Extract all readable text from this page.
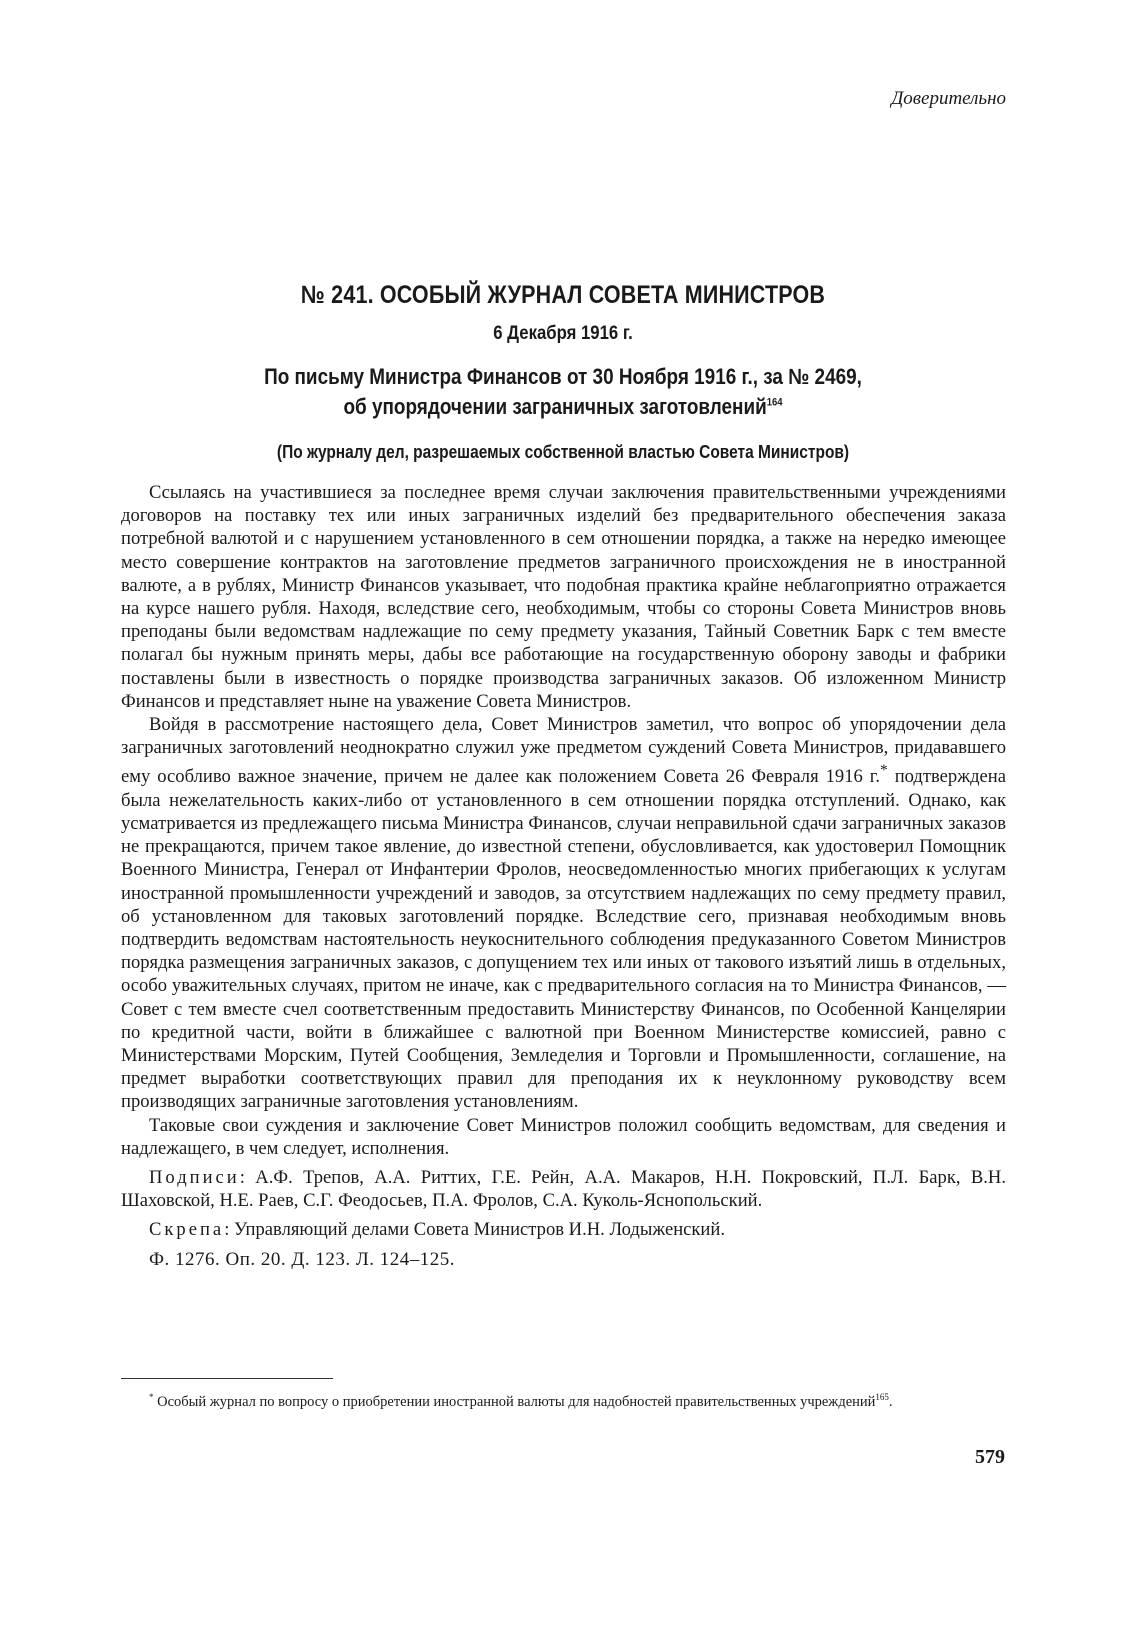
Доверительно
№ 241. ОСОБЫЙ ЖУРНАЛ СОВЕТА МИНИСТРОВ
6 Декабря 1916 г.
По письму Министра Финансов от 30 Ноября 1916 г., за № 2469,
об упорядочении заграничных заготовлений$^{164}$
(По журналу дел, разрешаемых собственной властью Совета Министров)

Ссылаясь на участившиеся за последнее время случаи заключения правительственными учреждениями договоров на поставку тех или иных заграничных изделий без предварительного обеспечения заказа потребной валютой и с нарушением установленного в сем отношении порядка, а также на нередко имеющее место совершение контрактов на заготовление предметов заграничного происхождения не в иностранной валюте, а в рублях, Министр Финансов указывает, что подобная практика крайне неблагоприятно отражается на курсе нашего рубля. Находя, вследствие сего, необходимым, чтобы со стороны Совета Министров вновь преподаны были ведомствам надлежащие по сему предмету указания, Тайный Советник Барк с тем вместе полагал бы нужным принять меры, дабы все работающие на государственную оборону заводы и фабрики поставлены были в известность о порядке производства заграничных заказов. Об изложенном Министр Финансов и представляет ныне на уважение Совета Министров.

Войдя в рассмотрение настоящего дела, Совет Министров заметил, что вопрос об упорядочении дела заграничных заготовлений неоднократно служил уже предметом суждений Совета Министров, придававшего ему особливо важное значение, причем не далее как положением Совета 26 Февраля 1916 г.* подтверждена была нежелательность каких-либо от установленного в сем отношении порядка отступлений. Однако, как усматривается из предлежащего письма Министра Финансов, случаи неправильной сдачи заграничных заказов не прекращаются, причем такое явление, до известной степени, обусловливается, как удостоверил Помощник Военного Министра, Генерал от Инфантерии Фролов, неосведомленностью многих прибегающих к услугам иностранной промышленности учреждений и заводов, за отсутствием надлежащих по сему предмету правил, об установленном для таковых заготовлений порядке. Вследствие сего, признавая необходимым вновь подтвердить ведомствам настоятельность неукоснительного соблюдения предуказанного Советом Министров порядка размещения заграничных заказов, с допущением тех или иных от такового изъятий лишь в отдельных, особо уважительных случаях, притом не иначе, как с предварительного согласия на то Министра Финансов, — Совет с тем вместе счел соответственным предоставить Министерству Финансов, по Особенной Канцелярии по кредитной части, войти в ближайшее с валютной при Военном Министерстве комиссией, равно с Министерствами Морским, Путей Сообщения, Земледелия и Торговли и Промышленности, соглашение, на предмет выработки соответствующих правил для преподания их к неуклонному руководству всем производящих заграничные заготовления установлениям.

Таковые свои суждения и заключение Совет Министров положил сообщить ведомствам, для сведения и надлежащего, в чем следует, исполнения.

Подписи: А.Ф. Трепов, А.А. Риттих, Г.Е. Рейн, А.А. Макаров, Н.Н. Покровский, П.Л. Барк, В.Н. Шаховской, Н.Е. Раев, С.Г. Феодосьев, П.А. Фролов, С.А. Куколь-Яснопольский.

Скрепа: Управляющий делами Совета Министров И.Н. Лодыженский.

Ф. 1276. Оп. 20. Д. 123. Л. 124–125.

* Особый журнал по вопросу о приобретении иностранной валюты для надобностей правительственных учреждений$^{165}$.
579
